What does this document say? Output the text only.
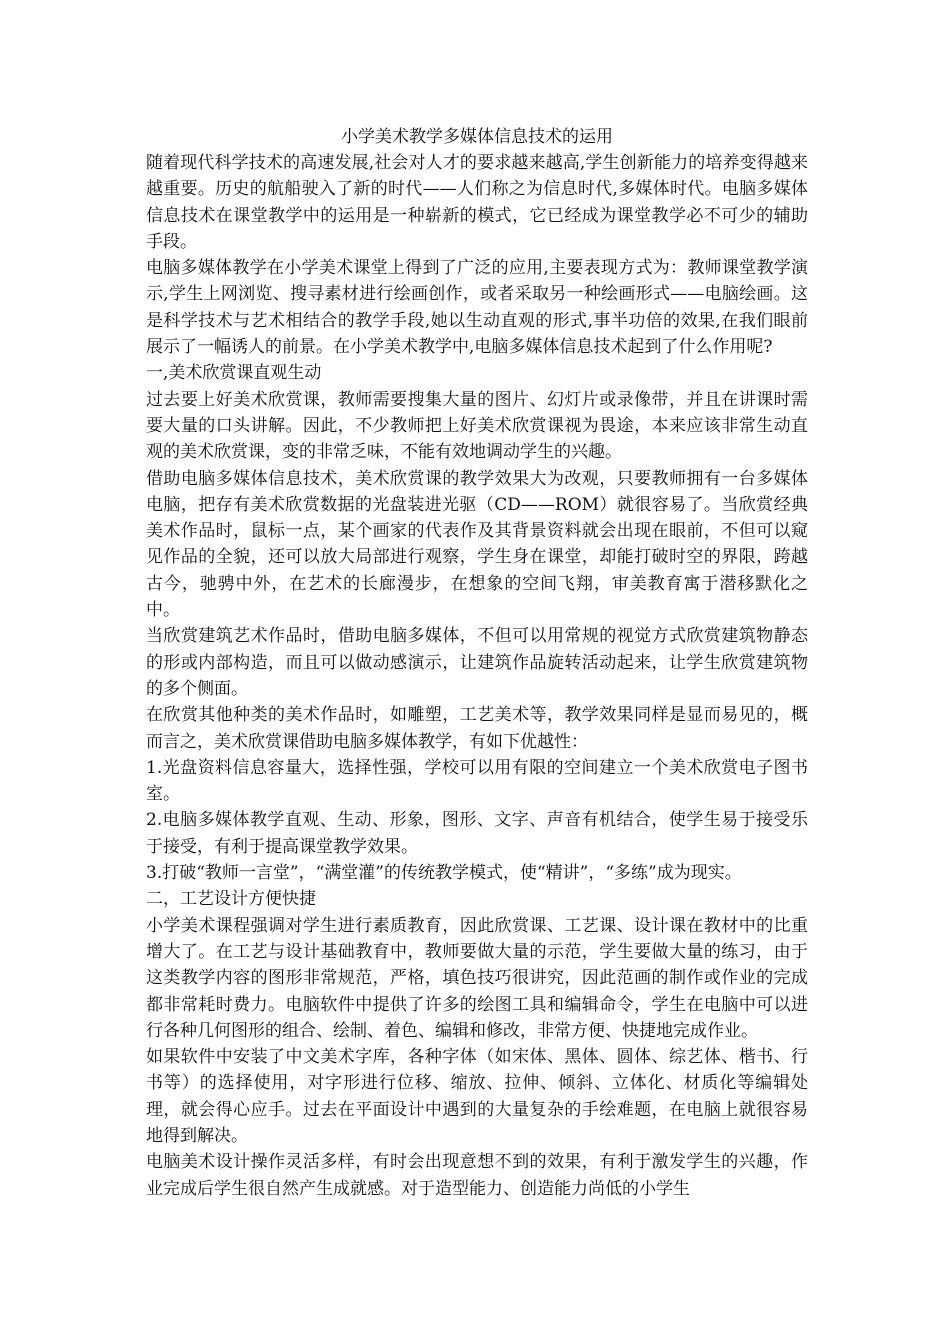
小学美术教学多媒体信息技术的运用

随着现代科学技术的高速发展,社会对人才的要求越来越高,学生创新能力的培养变得越来越重要。历史的航船驶入了新的时代——人们称之为信息时代,多媒体时代。电脑多媒体信息技术在课堂教学中的运用是一种崭新的模式，它已经成为课堂教学必不可少的辅助手段。

电脑多媒体教学在小学美术课堂上得到了广泛的应用,主要表现方式为：教师课堂教学演示,学生上网浏览、搜寻素材进行绘画创作，或者采取另一种绘画形式——电脑绘画。这是科学技术与艺术相结合的教学手段,她以生动直观的形式,事半功倍的效果,在我们眼前展示了一幅诱人的前景。在小学美术教学中,电脑多媒体信息技术起到了什么作用呢?

一,美术欣赏课直观生动

过去要上好美术欣赏课，教师需要搜集大量的图片、幻灯片或录像带，并且在讲课时需要大量的口头讲解。因此，不少教师把上好美术欣赏课视为畏途，本来应该非常生动直观的美术欣赏课，变的非常乏味，不能有效地调动学生的兴趣。

借助电脑多媒体信息技术，美术欣赏课的教学效果大为改观，只要教师拥有一台多媒体电脑，把存有美术欣赏数据的光盘装进光驱（CD——ROM）就很容易了。当欣赏经典美术作品时，鼠标一点，某个画家的代表作及其背景资料就会出现在眼前，不但可以窥见作品的全貌，还可以放大局部进行观察，学生身在课堂，却能打破时空的界限，跨越古今，驰骋中外，在艺术的长廊漫步，在想象的空间飞翔，审美教育寓于潜移默化之中。

当欣赏建筑艺术作品时，借助电脑多媒体，不但可以用常规的视觉方式欣赏建筑物静态的形或内部构造，而且可以做动感演示，让建筑作品旋转活动起来，让学生欣赏建筑物的多个侧面。

在欣赏其他种类的美术作品时，如雕塑，工艺美术等，教学效果同样是显而易见的，概而言之，美术欣赏课借助电脑多媒体教学，有如下优越性：

1.光盘资料信息容量大，选择性强，学校可以用有限的空间建立一个美术欣赏电子图书室。

2.电脑多媒体教学直观、生动、形象，图形、文字、声音有机结合，使学生易于接受乐于接受，有利于提高课堂教学效果。

3.打破“教师一言堂”，“满堂灌”的传统教学模式，使“精讲”，“多练”成为现实。

二，工艺设计方便快捷

小学美术课程强调对学生进行素质教育，因此欣赏课、工艺课、设计课在教材中的比重增大了。在工艺与设计基础教育中，教师要做大量的示范，学生要做大量的练习，由于这类教学内容的图形非常规范，严格，填色技巧很讲究，因此范画的制作或作业的完成都非常耗时费力。电脑软件中提供了许多的绘图工具和编辑命令，学生在电脑中可以进行各种几何图形的组合、绘制、着色、编辑和修改，非常方便、快捷地完成作业。

如果软件中安装了中文美术字库，各种字体（如宋体、黑体、圆体、综艺体、楷书、行书等）的选择使用，对字形进行位移、缩放、拉伸、倾斜、立体化、材质化等编辑处理，就会得心应手。过去在平面设计中遇到的大量复杂的手绘难题，在电脑上就很容易地得到解决。

电脑美术设计操作灵活多样，有时会出现意想不到的效果，有利于激发学生的兴趣，作业完成后学生很自然产生成就感。对于造型能力、创造能力尚低的小学生
